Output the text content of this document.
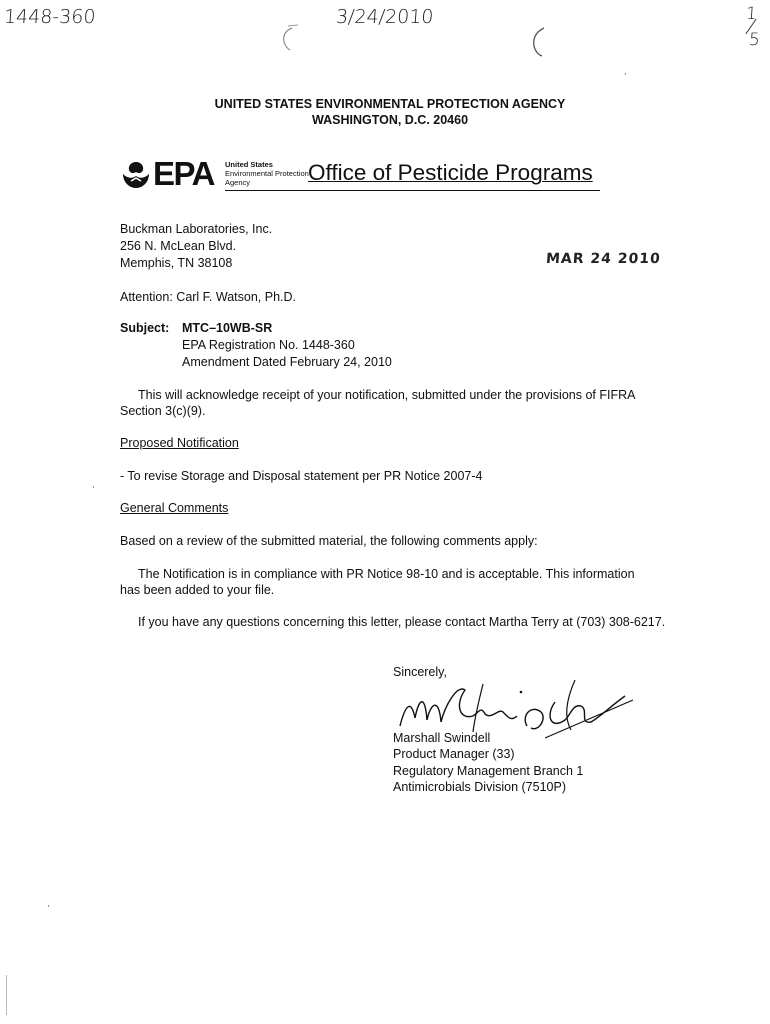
1448-360	3/24/2010	1
5
UNITED STATES ENVIRONMENTAL PROTECTION AGENCY
WASHINGTON, D.C. 20460
EPA United States
Environmental Protection
Agency	Office of Pesticide Programs
Buckman Laboratories, Inc.
256 N. McLean Blvd.
Memphis, TN 38108	MAR 24 2010
Attention: Carl F. Watson, Ph.D.
Subject: MTC–10WB-SR
EPA Registration No. 1448-360
Amendment Dated February 24, 2010
This will acknowledge receipt of your notification, submitted under the provisions of FIFRA Section 3(c)(9).
Proposed Notification
- To revise Storage and Disposal statement per PR Notice 2007-4
General Comments
Based on a review of the submitted material, the following comments apply:
The Notification is in compliance with PR Notice 98-10 and is acceptable. This information has been added to your file.
If you have any questions concerning this letter, please contact Martha Terry at (703) 308-6217.
Sincerely,
Marshall Swindell
Product Manager (33)
Regulatory Management Branch 1
Antimicrobials Division (7510P)
